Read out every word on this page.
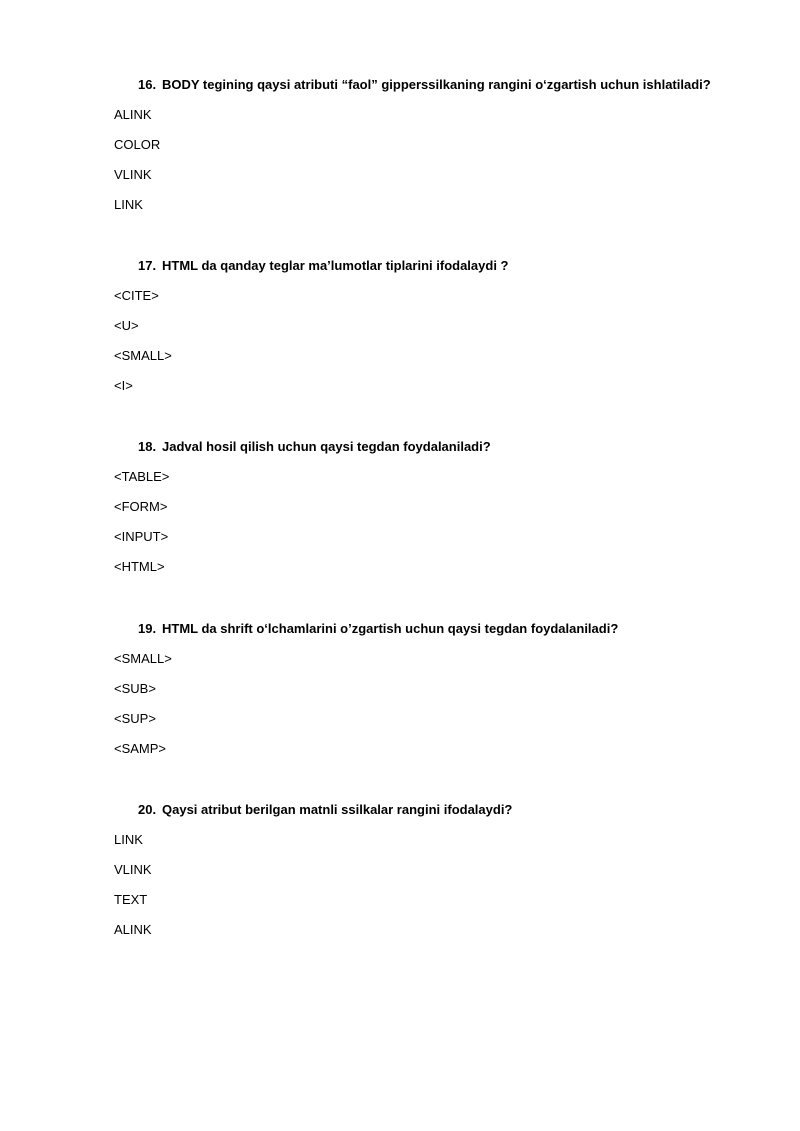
16. BODY tegining qaysi atributi “faol” gipperssilkaning rangini o‘zgartish uchun ishlatiladi?

ALINK
COLOR
VLINK
LINK

17. HTML da qanday teglar ma’lumotlar tiplarini ifodalaydi ?

<CITE>
<U>
<SMALL>
<I>

18. Jadval hosil qilish uchun qaysi tegdan foydalaniladi?

<TABLE>
<FORM>
<INPUT>
<HTML>

19. HTML da shrift o‘lchamlarini o’zgartish uchun qaysi tegdan foydalaniladi?

<SMALL>
<SUB>
<SUP>
<SAMP>

20. Qaysi atribut berilgan matnli ssilkalar rangini ifodalaydi?

LINK
VLINK
TEXT
ALINK
